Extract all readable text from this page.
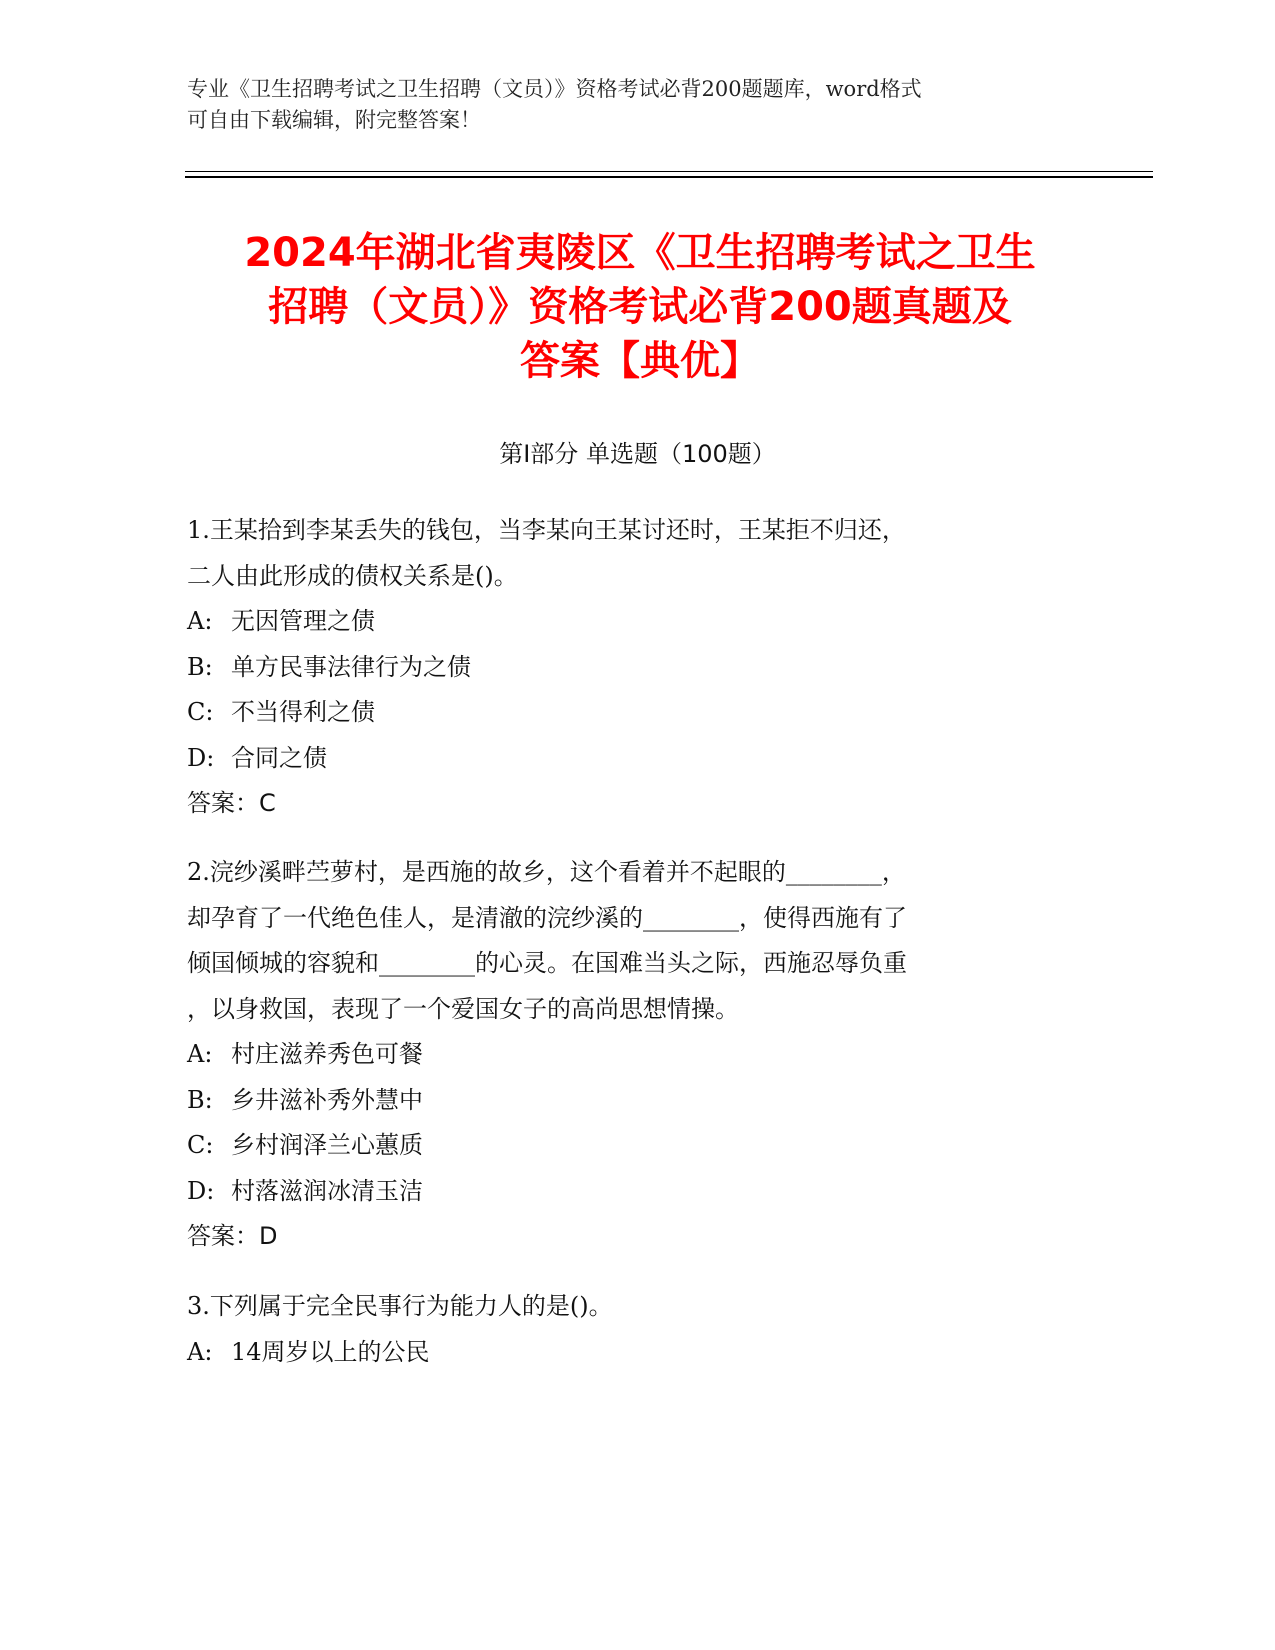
专业《卫生招聘考试之卫生招聘（文员）》资格考试必背200题题库，word格式
可自由下载编辑，附完整答案！
2024年湖北省夷陵区《卫生招聘考试之卫生
招聘（文员）》资格考试必背200题真题及
答案【典优】
第Ⅰ部分 单选题（100题）
1.王某拾到李某丢失的钱包，当李某向王某讨还时，王某拒不归还，
二人由此形成的债权关系是()。
A: 无因管理之债
B: 单方民事法律行为之债
C: 不当得利之债
D: 合同之债
答案：C
2.浣纱溪畔苎萝村，是西施的故乡，这个看着并不起眼的________，
却孕育了一代绝色佳人，是清澈的浣纱溪的________，使得西施有了
倾国倾城的容貌和________的心灵。在国难当头之际，西施忍辱负重
，以身救国，表现了一个爱国女子的高尚思想情操。
A: 村庄滋养秀色可餐
B: 乡井滋补秀外慧中
C: 乡村润泽兰心蕙质
D: 村落滋润冰清玉洁
答案：D
3.下列属于完全民事行为能力人的是()。
A: 14周岁以上的公民
